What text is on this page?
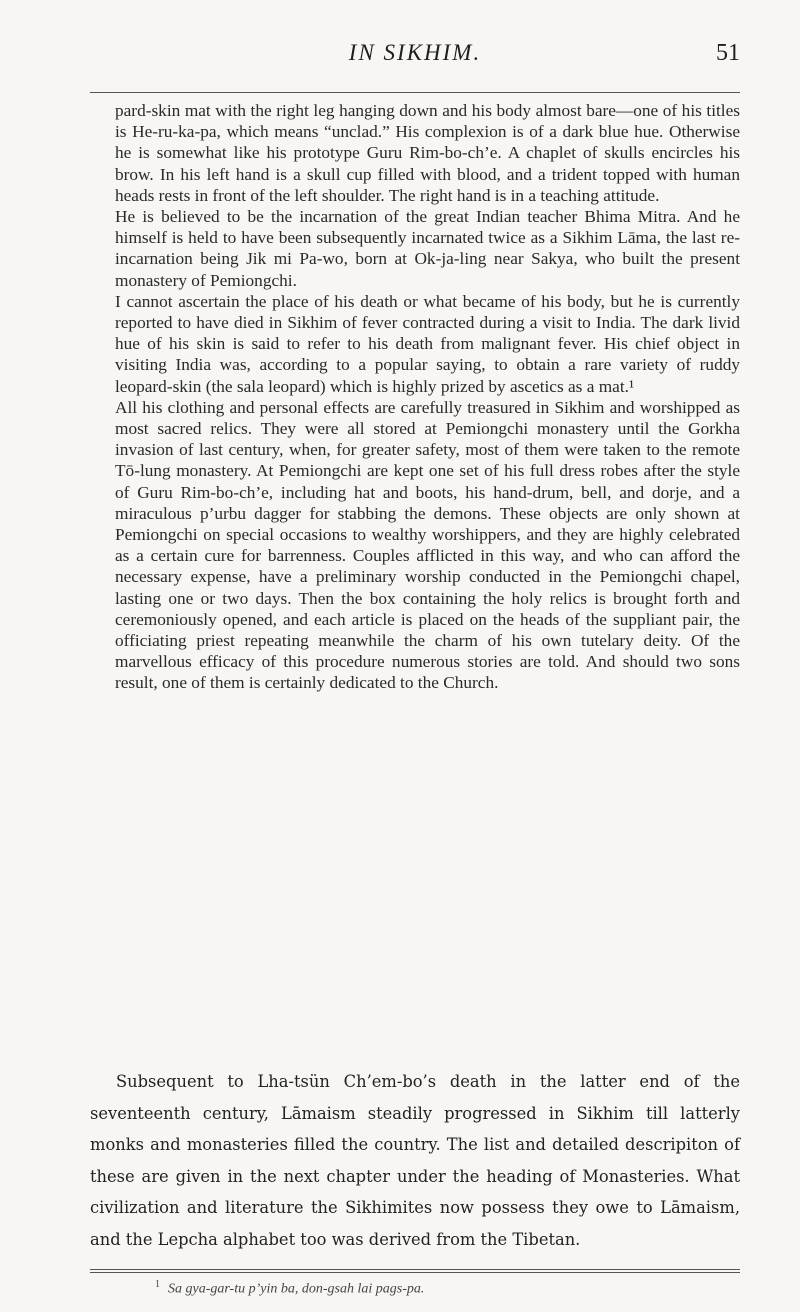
IN SIKHIM.	51

pard-skin mat with the right leg hanging down and his body almost bare—one of his titles is He-ru-ka-pa, which means “unclad.” His complexion is of a dark blue hue. Otherwise he is somewhat like his prototype Guru Rim-bo-ch’e. A chaplet of skulls encircles his brow. In his left hand is a skull cup filled with blood, and a trident topped with human heads rests in front of the left shoulder. The right hand is in a teaching attitude.

He is believed to be the incarnation of the great Indian teacher Bhima Mitra. And he himself is held to have been subsequently incarnated twice as a Sikhim Lāma, the last re-incarnation being Jik mi Pa-wo, born at Ok-ja-ling near Sakya, who built the present monastery of Pemiongchi.

I cannot ascertain the place of his death or what became of his body, but he is currently reported to have died in Sikhim of fever contracted during a visit to India. The dark livid hue of his skin is said to refer to his death from malignant fever. His chief object in visiting India was, according to a popular saying, to obtain a rare variety of ruddy leopard-skin (the sala leopard) which is highly prized by ascetics as a mat.¹

All his clothing and personal effects are carefully treasured in Sikhim and worshipped as most sacred relics. They were all stored at Pemiongchi monastery until the Gorkha invasion of last century, when, for greater safety, most of them were taken to the remote Tō-lung monastery. At Pemiongchi are kept one set of his full dress robes after the style of Guru Rim-bo-ch’e, including hat and boots, his hand-drum, bell, and dorje, and a miraculous p’urbu dagger for stabbing the demons. These objects are only shown at Pemiongchi on special occasions to wealthy worshippers, and they are highly celebrated as a certain cure for barrenness. Couples afflicted in this way, and who can afford the necessary expense, have a preliminary worship conducted in the Pemiongchi chapel, lasting one or two days. Then the box containing the holy relics is brought forth and ceremoniously opened, and each article is placed on the heads of the suppliant pair, the officiating priest repeating meanwhile the charm of his own tutelary deity. Of the marvellous efficacy of this procedure numerous stories are told. And should two sons result, one of them is certainly dedicated to the Church.

Subsequent to Lha-tsün Ch’em-bo’s death in the latter end of the seventeenth century, Lāmaism steadily progressed in Sikhim till latterly monks and monasteries filled the country. The list and detailed descripiton of these are given in the next chapter under the heading of Monasteries. What civilization and literature the Sikhimites now possess they owe to Lāmaism, and the Lepcha alphabet too was derived from the Tibetan.

$^1$ Sa gya-gar-tu p’yin ba, don-gsah lai pags-pa.
